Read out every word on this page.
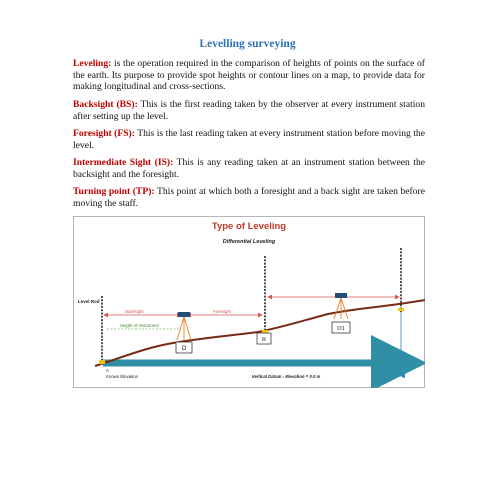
Levelling surveying

Leveling: is the operation required in the comparison of heights of points on the surface of the earth. Its purpose to provide spot heights or contour lines on a map, to provide data for making longitudinal and cross-sections.

Backsight (BS): This is the first reading taken by the observer at every instrument station after setting up the level.

Foresight (FS): This is the last reading taken at every instrument station before moving the level.

Intermediate Sight (IS): This is any reading taken at an instrument station between the backsight and the foresight.

Turning point (TP): This point at which both a foresight and a back sight are taken before moving the staff.

Type of Leveling
Differential Leveling
Vertical Datum - Elevation = 0.0 m
Level Rod
A
Known Elevation
Backsight	Foresight
Height of Instrument
O
R
O1
